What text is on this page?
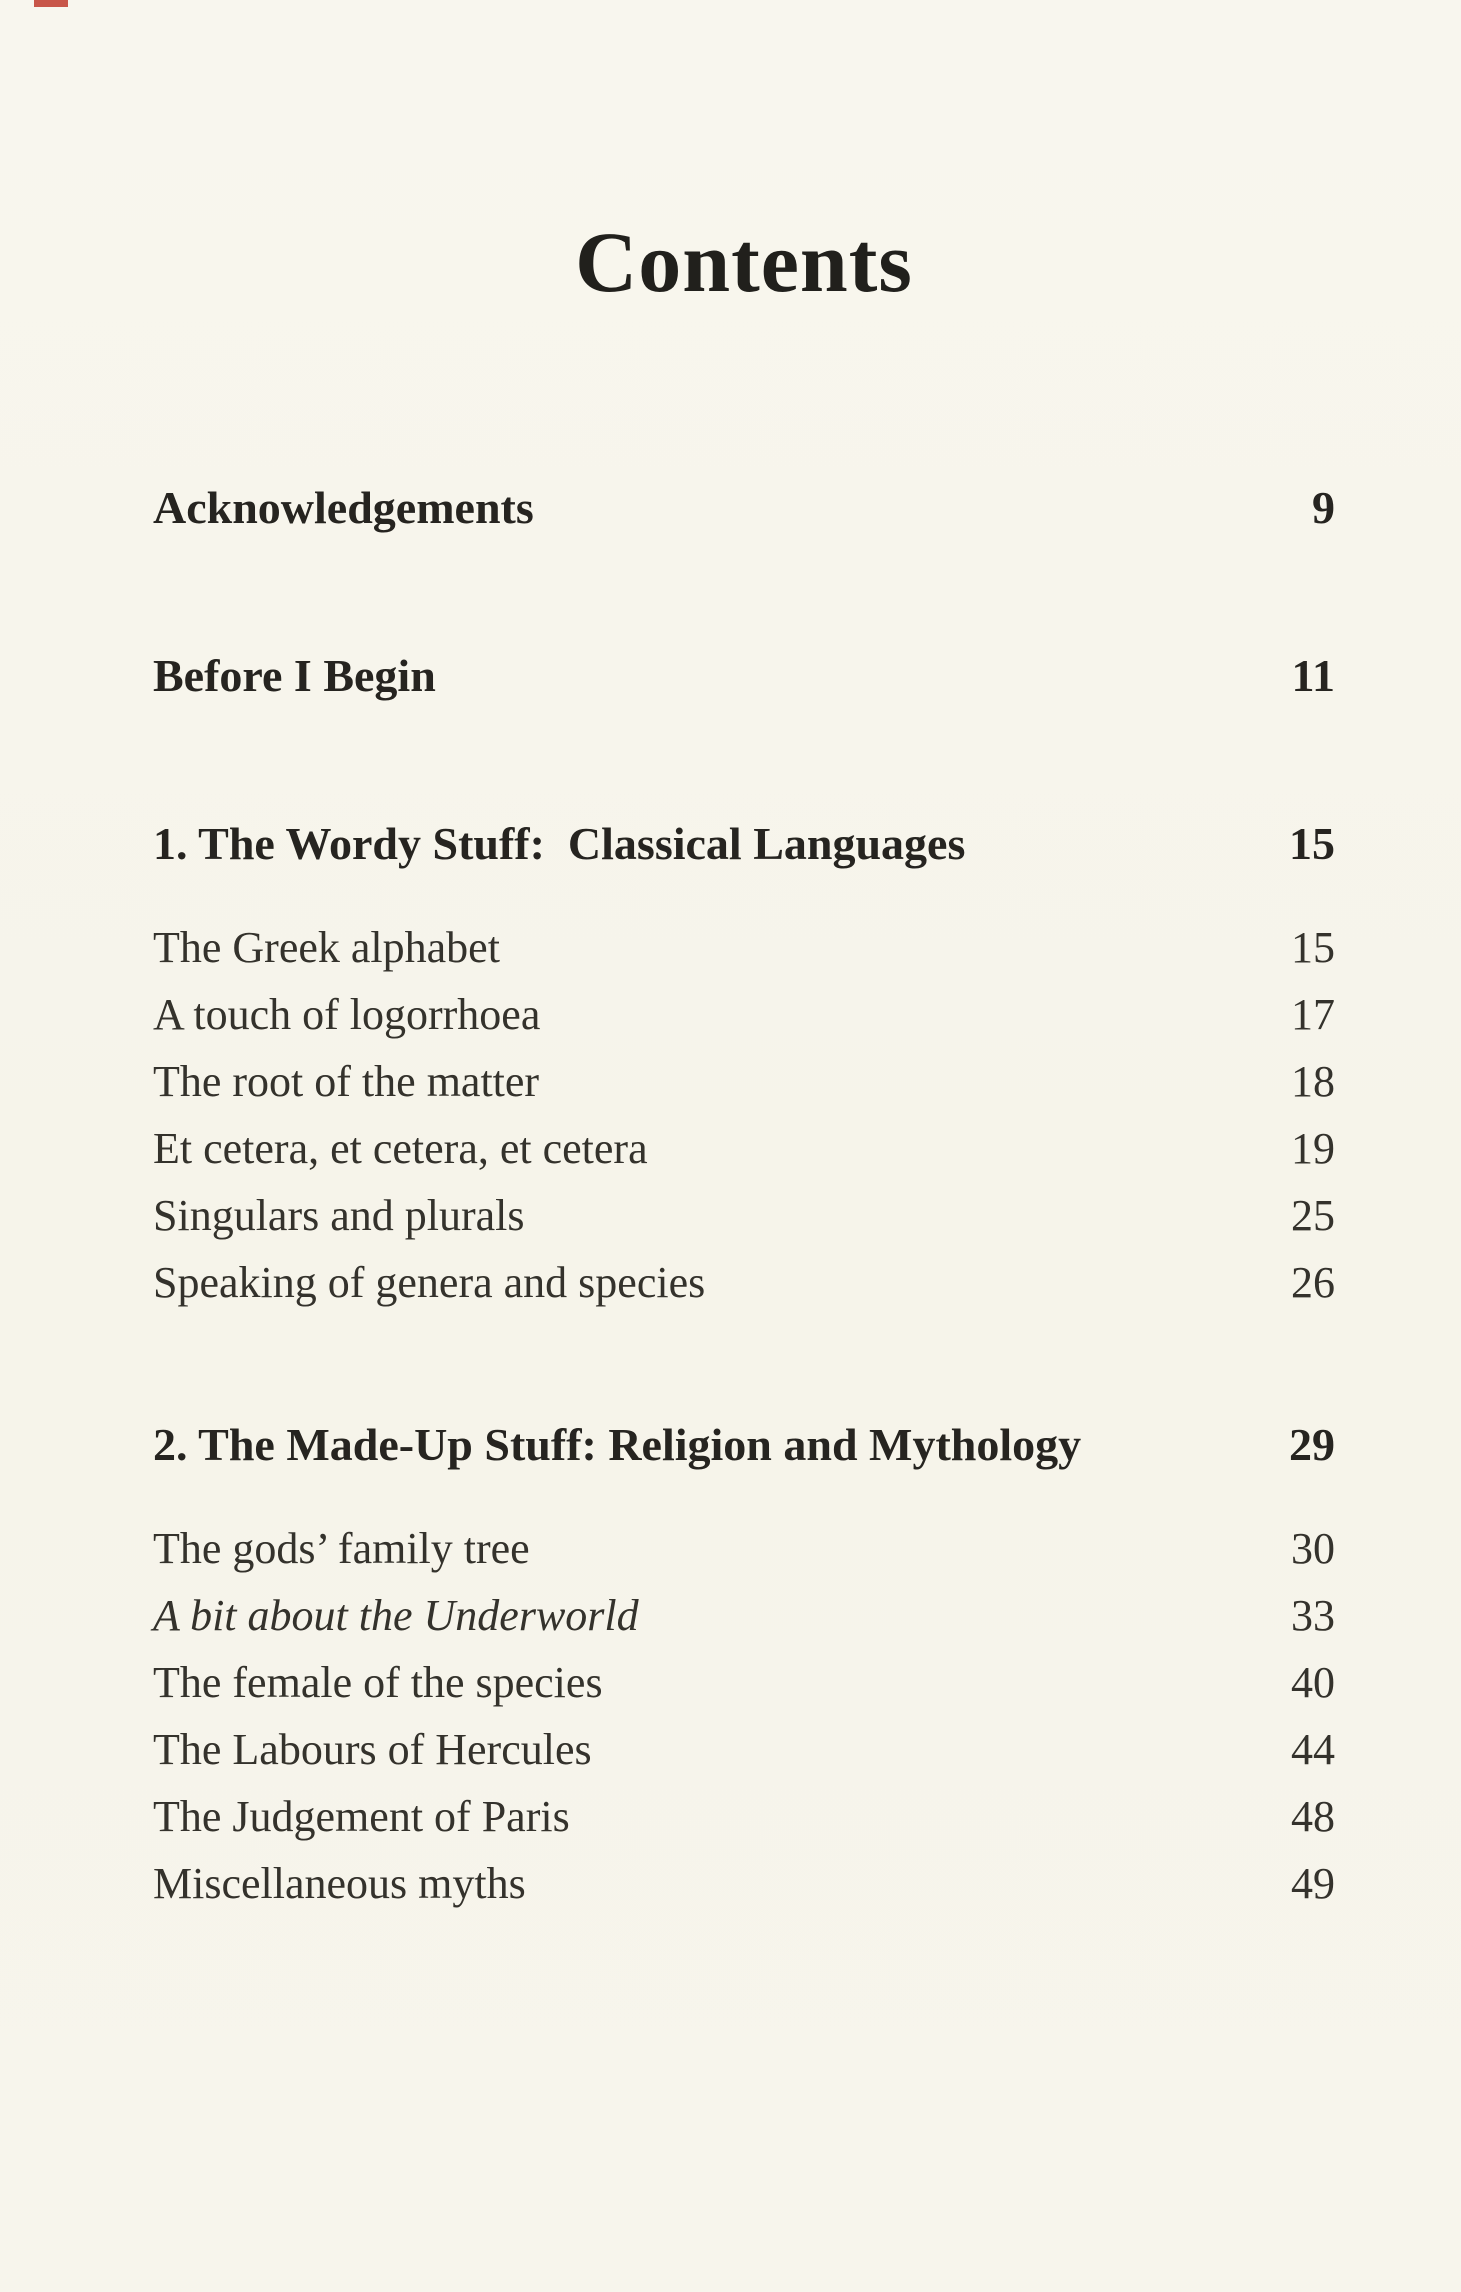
Contents
Acknowledgements	9
Before I Begin	11
1. The Wordy Stuff:  Classical Languages	15
The Greek alphabet	15
A touch of logorrhoea	17
The root of the matter	18
Et cetera, et cetera, et cetera	19
Singulars and plurals	25
Speaking of genera and species	26
2. The Made-Up Stuff: Religion and Mythology	29
The gods’ family tree	30
A bit about the Underworld	33
The female of the species	40
The Labours of Hercules	44
The Judgement of Paris	48
Miscellaneous myths	49
